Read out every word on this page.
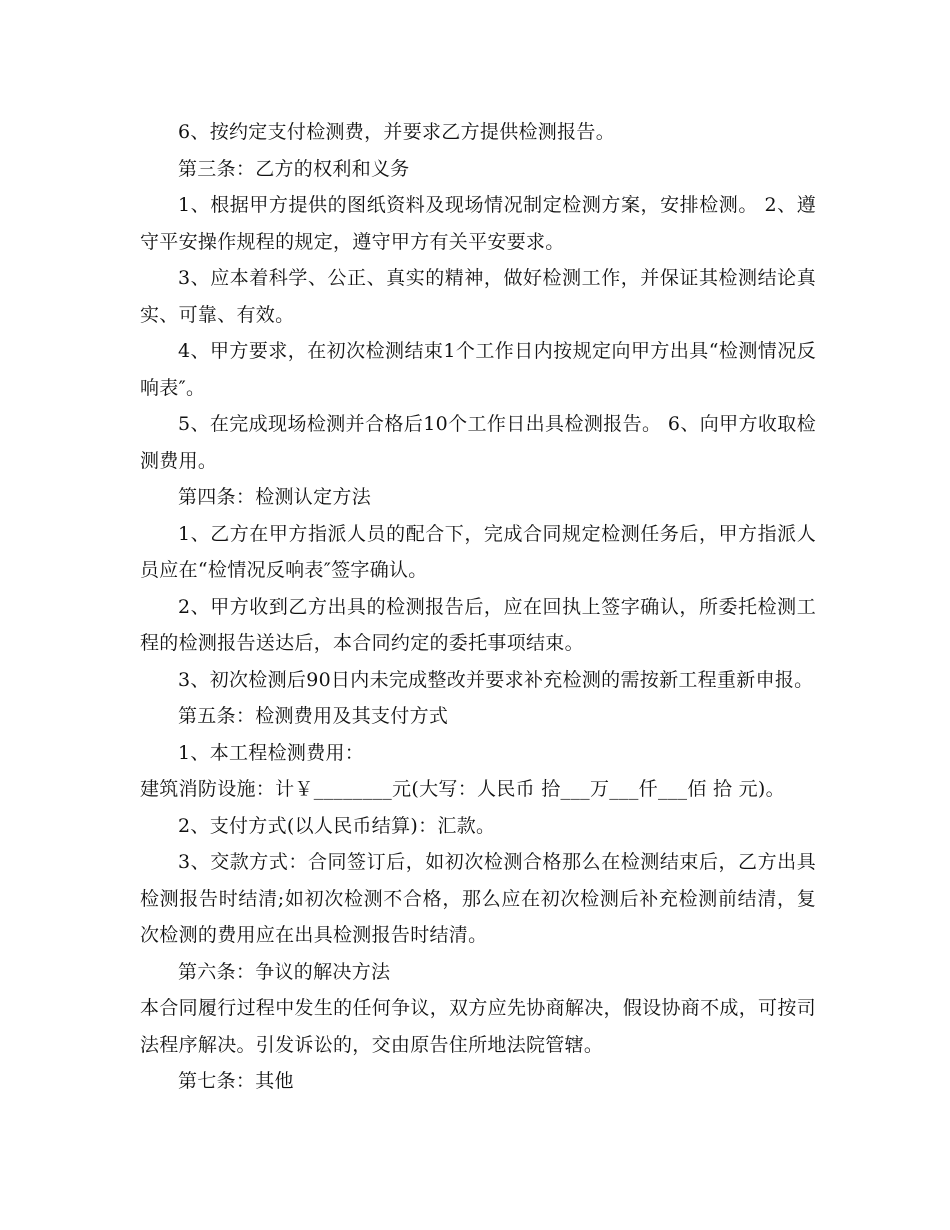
6、按约定支付检测费，并要求乙方提供检测报告。

第三条：乙方的权利和义务

1、根据甲方提供的图纸资料及现场情况制定检测方案，安排检测。 2、遵守平安操作规程的规定，遵守甲方有关平安要求。

3、应本着科学、公正、真实的精神，做好检测工作，并保证其检测结论真实、可靠、有效。

4、甲方要求，在初次检测结束1个工作日内按规定向甲方出具“检测情况反响表″。

5、在完成现场检测并合格后10个工作日出具检测报告。 6、向甲方收取检测费用。

第四条：检测认定方法

1、乙方在甲方指派人员的配合下，完成合同规定检测任务后，甲方指派人员应在“检情况反响表″签字确认。

2、甲方收到乙方出具的检测报告后，应在回执上签字确认，所委托检测工程的检测报告送达后，本合同约定的委托事项结束。

3、初次检测后90日内未完成整改并要求补充检测的需按新工程重新申报。

第五条：检测费用及其支付方式

1、本工程检测费用：

建筑消防设施：计￥________元(大写：人民币 拾___万___仟___佰 拾 元)。

2、支付方式(以人民币结算)：汇款。

3、交款方式：合同签订后，如初次检测合格那么在检测结束后，乙方出具检测报告时结清;如初次检测不合格，那么应在初次检测后补充检测前结清，复次检测的费用应在出具检测报告时结清。

第六条：争议的解决方法

本合同履行过程中发生的任何争议，双方应先协商解决，假设协商不成，可按司法程序解决。引发诉讼的，交由原告住所地法院管辖。

第七条：其他
